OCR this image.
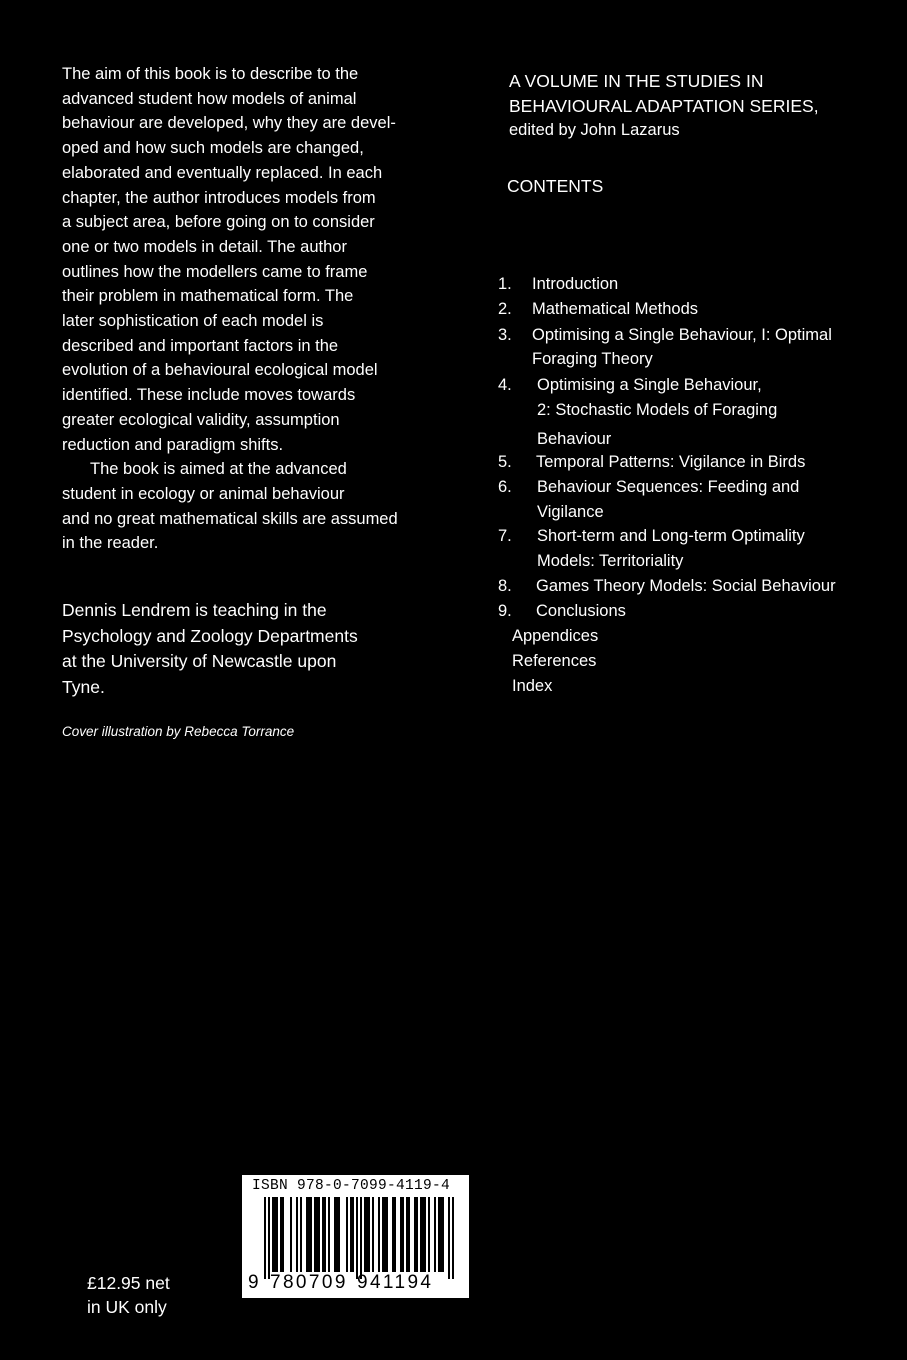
The aim of this book is to describe to the
advanced student how models of animal
behaviour are developed, why they are devel-
oped and how such models are changed,
elaborated and eventually replaced. In each
chapter, the author introduces models from
a subject area, before going on to consider
one or two models in detail. The author
outlines how the modellers came to frame
their problem in mathematical form. The
later sophistication of each model is
described and important factors in the
evolution of a behavioural ecological model
identified. These include moves towards
greater ecological validity, assumption
reduction and paradigm shifts.
The book is aimed at the advanced
student in ecology or animal behaviour
and no great mathematical skills are assumed
in the reader.
Dennis Lendrem is teaching in the
Psychology and Zoology Departments
at the University of Newcastle upon
Tyne.
Cover illustration by Rebecca Torrance
A VOLUME IN THE STUDIES IN
BEHAVIOURAL ADAPTATION SERIES,
edited by John Lazarus
CONTENTS
1. Introduction
2. Mathematical Methods
3. Optimising a Single Behaviour, I: Optimal
Foraging Theory
4. Optimising a Single Behaviour,
2: Stochastic Models of Foraging
Behaviour
5. Temporal Patterns: Vigilance in Birds
6. Behaviour Sequences: Feeding and
Vigilance
7. Short-term and Long-term Optimality
Models: Territoriality
8. Games Theory Models: Social Behaviour
9. Conclusions
Appendices
References
Index
£12.95 net
in UK only
ISBN 978-0-7099-4119-4
9 780709 941194
